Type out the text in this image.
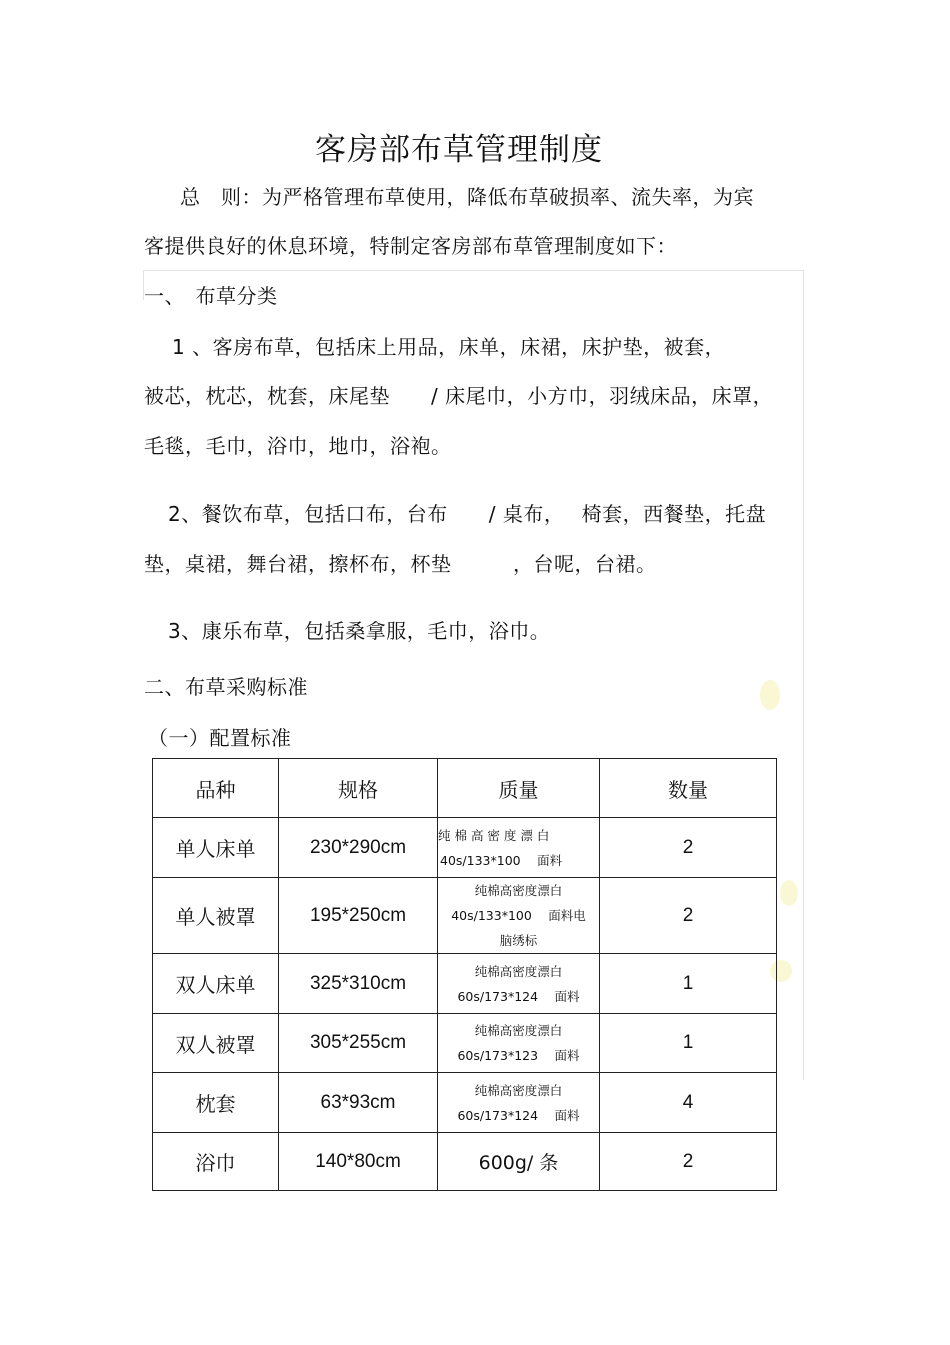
客房部布草管理制度
总　则：为严格管理布草使用，降低布草破损率、流失率，为宾
客提供良好的休息环境，特制定客房部布草管理制度如下：
一、　布草分类
1 、客房布草，包括床上用品，床单，床裙，床护垫，被套，
被芯，枕芯，枕套，床尾垫　　/ 床尾巾，小方巾，羽绒床品，床罩，
毛毯，毛巾，浴巾，地巾，浴袍。
2、餐饮布草，包括口布，台布　　/ 桌布，　 椅套，西餐垫，托盘
垫，桌裙，舞台裙，擦杯布，杯垫　　　，台呢，台裙。
3、康乐布草，包括桑拿服，毛巾，浴巾。
二、布草采购标准
（一）配置标准
品种	规格	质量	数量
单人床单	230*290cm	纯 棉 高 密 度 漂 白
40s/133*100　 面料	2
单人被罩	195*250cm	纯棉高密度漂白
40s/133*100　 面料电
脑绣标	2
双人床单	325*310cm	纯棉高密度漂白
60s/173*124　 面料	1
双人被罩	305*255cm	纯棉高密度漂白
60s/173*123　 面料	1
枕套	63*93cm	纯棉高密度漂白
60s/173*124　 面料	4
浴巾	140*80cm	600g/ 条	2
